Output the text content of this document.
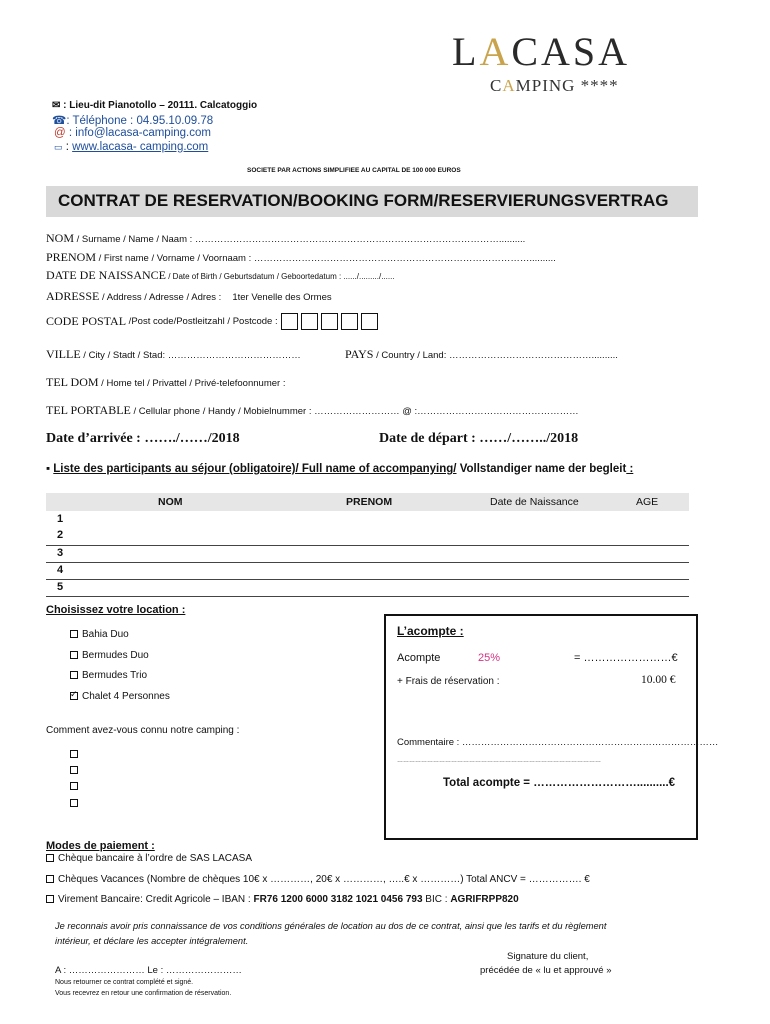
LACASA
CAMPING ****
✉ : Lieu-dit Pianotollo – 20111. Calcatoggio
☎: Téléphone : 04.95.10.09.78
@ : info@lacasa-camping.com
▭ : www.lacasa- camping.com
SOCIETE PAR ACTIONS SIMPLIFIEE AU CAPITAL DE 100 000 EUROS
CONTRAT DE RESERVATION/BOOKING FORM/RESERVIERUNGSVERTRAG
NOM / Surname / Name / Naam : ……………………………………………………………………………………..........
PRENOM / First name / Vorname / Voornaam : ……………………………………………………………………………..........
DATE DE NAISSANCE / Date of Birth / Geburtsdatum / Geboortedatum : ....../........./......
ADRESSE / Address / Adresse / Adres : 1ter Venelle des Ormes
CODE POSTAL /Post code/Postleitzahl / Postcode :
VILLE / City / Stadt / Stad: ……………………………………	PAYS / Country / Land: ………………………………………..........
TEL DOM / Home tel / Privattel / Privé-telefoonnumer :
TEL PORTABLE / Cellular phone / Handy / Mobielnummer : ……………………… @ :……………………………………………
Date d’arrivée : ……./……/2018	Date de départ : ……/……../2018
▪ Liste des participants au séjour (obligatoire)/ Full name of accompanying/ Vollstandiger name der begleit :
NOM	PRENOM	Date de Naissance	AGE
1
2
3
4
5
Choisissez votre location :
Bahia Duo
Bermudes Duo
Bermudes Trio
✓Chalet 4 Personnes
Comment avez-vous connu notre camping :
L’acompte :
Acompte	25%	= ……………………€
+ Frais de réservation :	10.00 €
Commentaire : ………………………………………………………………………
…………………………………………………………………………………………
Total acompte = ………………………..........€
Modes de paiement :
Chèque bancaire à l’ordre de SAS LACASA
Chèques Vacances (Nombre de chèques 10€ x …………, 20€ x …………, …..€ x …………) Total ANCV = ……………. €
Virement Bancaire: Credit Agricole – IBAN : FR76 1200 6000 3182 1021 0456 793 BIC : AGRIFRPP820
Je reconnais avoir pris connaissance de vos conditions générales de location au dos de ce contrat, ainsi que les tarifs et du règlement
intérieur, et déclare les accepter intégralement.
Signature du client,
précédée de « lu et approuvé »
A : …………………… Le : ……………………
Nous retourner ce contrat complété et signé.
Vous recevrez en retour une confirmation de réservation.
